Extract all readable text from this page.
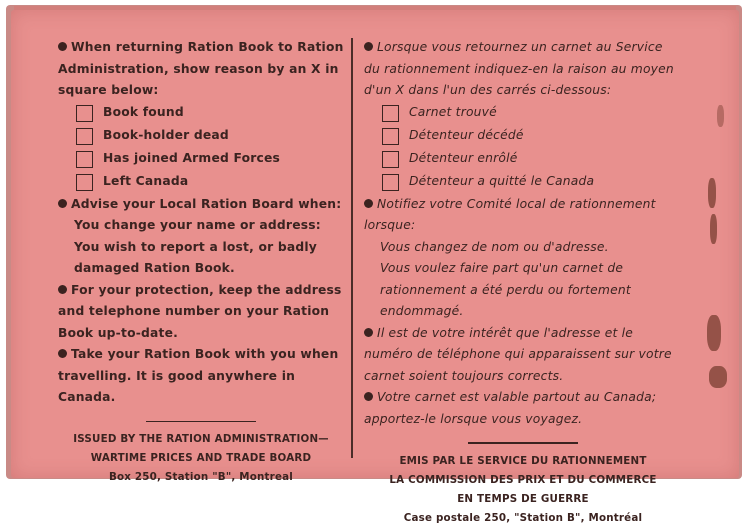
When returning Ration Book to Ration Administration, show reason by an X in square below:

Book found
Book-holder dead
Has joined Armed Forces
Left Canada

Advise your Local Ration Board when:

You change your name or address:

You wish to report a lost, or badly damaged Ration Book.

For your protection, keep the address and telephone number on your Ration Book up-to-date.

Take your Ration Book with you when travelling. It is good anywhere in Canada.

ISSUED BY THE RATION ADMINISTRATION—
WARTIME PRICES AND TRADE BOARD
Box 250, Station "B", Montreal

Lorsque vous retournez un carnet au Service du rationnement indiquez-en la raison au moyen d'un X dans l'un des carrés ci-dessous:

Carnet trouvé
Détenteur décédé
Détenteur enrôlé
Détenteur a quitté le Canada

Notifiez votre Comité local de rationnement lorsque:

Vous changez de nom ou d'adresse.

Vous voulez faire part qu'un carnet de rationnement a été perdu ou fortement endommagé.

Il est de votre intérêt que l'adresse et le numéro de téléphone qui apparaissent sur votre carnet soient toujours corrects.

Votre carnet est valable partout au Canada; apportez-le lorsque vous voyagez.

EMIS PAR LE SERVICE DU RATIONNEMENT
LA COMMISSION DES PRIX ET DU COMMERCE
EN TEMPS DE GUERRE
Case postale 250, "Station B", Montréal
